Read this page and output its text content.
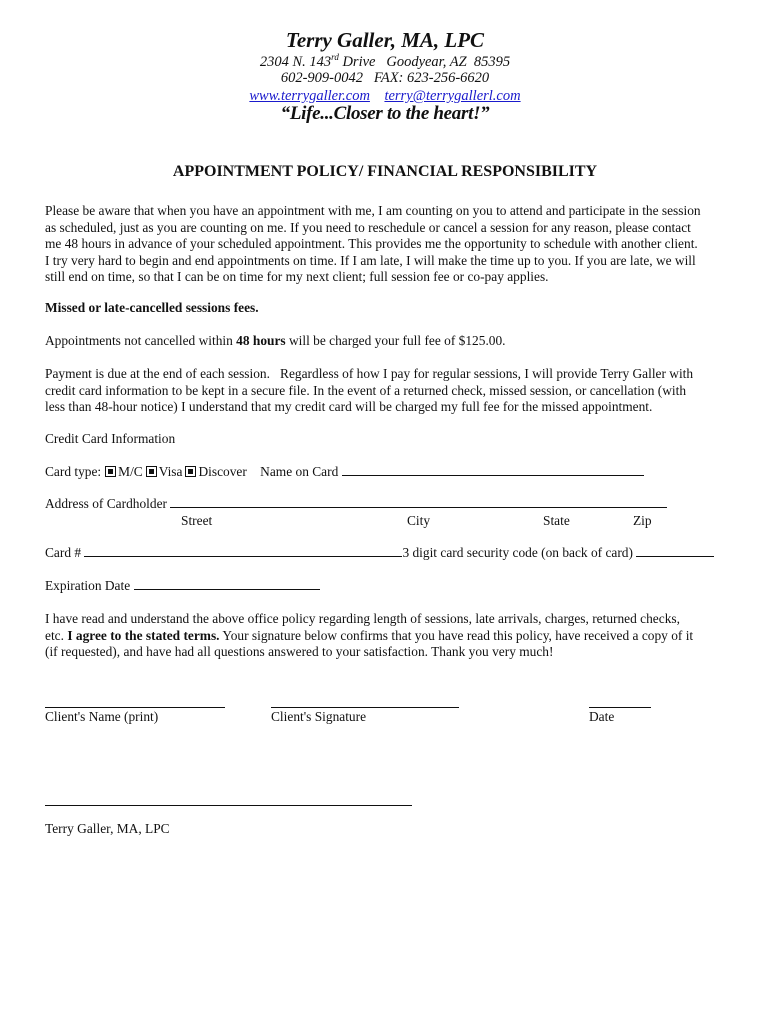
Terry Galler, MA, LPC
2304 N. 143rd Drive   Goodyear, AZ  85395
602-909-0042   FAX: 623-256-6620
www.terrygaller.com terry@terrygallerl.com
“Life...Closer to the heart!”
APPOINTMENT POLICY/ FINANCIAL RESPONSIBILITY
Please be aware that when you have an appointment with me, I am counting on you to attend and participate in the session
as scheduled, just as you are counting on me. If you need to reschedule or cancel a session for any reason, please contact
me 48 hours in advance of your scheduled appointment. This provides me the opportunity to schedule with another client.
I try very hard to begin and end appointments on time. If I am late, I will make the time up to you. If you are late, we will
still end on time, so that I can be on time for my next client; full session fee or co-pay applies.
Missed or late-cancelled sessions fees.
Appointments not cancelled within 48 hours will be charged your full fee of $125.00.
Payment is due at the end of each session.   Regardless of how I pay for regular sessions, I will provide Terry Galler with
credit card information to be kept in a secure file. In the event of a returned check, missed session, or cancellation (with
less than 48-hour notice) I understand that my credit card will be charged my full fee for the missed appointment.
Credit Card Information
Card type: M/C Visa Discover Name on Card
Address of Cardholder
Street	City	State	Zip
Card #	3 digit card security code (on back of card)
Expiration Date
I have read and understand the above office policy regarding length of sessions, late arrivals, charges, returned checks,
etc. I agree to the stated terms. Your signature below confirms that you have read this policy, have received a copy of it
(if requested), and have had all questions answered to your satisfaction. Thank you very much!
Client's Name (print)	Client's Signature	Date
Terry Galler, MA, LPC
